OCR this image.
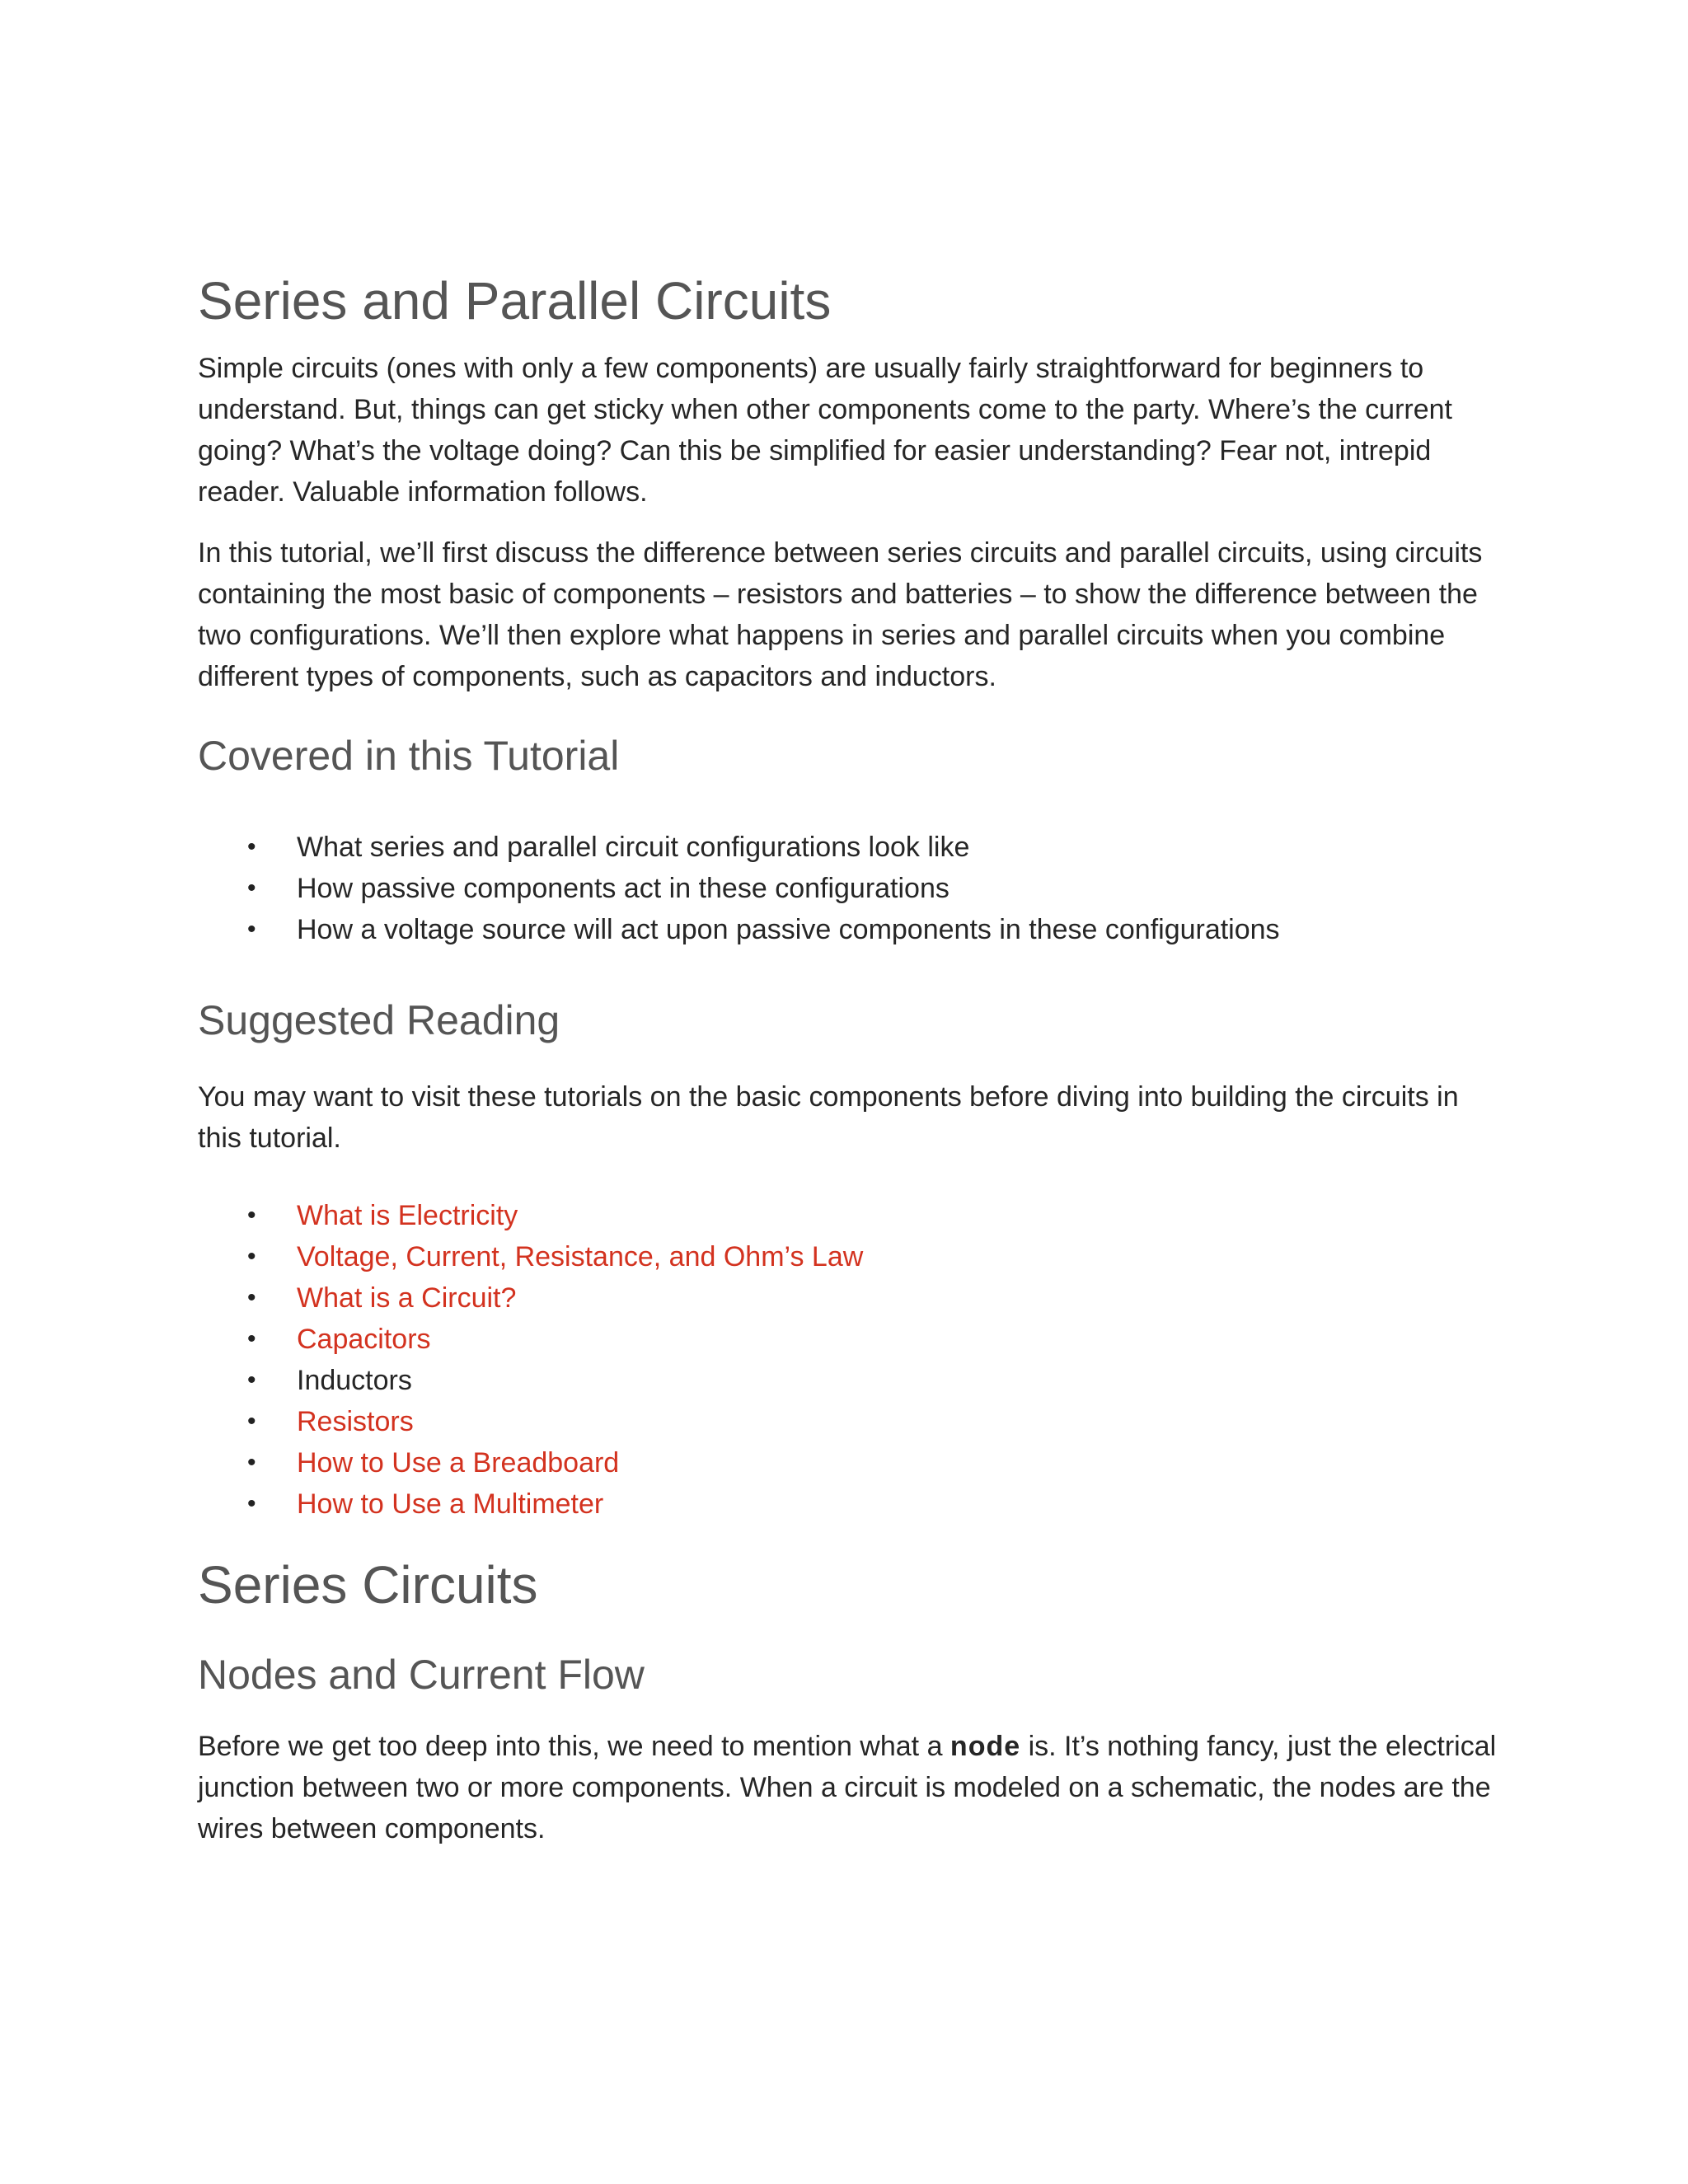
Series and Parallel Circuits

Simple circuits (ones with only a few components) are usually fairly straightforward for beginners to understand. But, things can get sticky when other components come to the party. Where’s the current going? What’s the voltage doing? Can this be simplified for easier understanding? Fear not, intrepid reader. Valuable information follows.

In this tutorial, we’ll first discuss the difference between series circuits and parallel circuits, using circuits containing the most basic of components – resistors and batteries – to show the difference between the two configurations. We’ll then explore what happens in series and parallel circuits when you combine different types of components, such as capacitors and inductors.

Covered in this Tutorial
• What series and parallel circuit configurations look like
• How passive components act in these configurations
• How a voltage source will act upon passive components in these configurations
Suggested Reading

You may want to visit these tutorials on the basic components before diving into building the circuits in this tutorial.

• What is Electricity
• Voltage, Current, Resistance, and Ohm’s Law
• What is a Circuit?
• Capacitors
• Inductors
• Resistors
• How to Use a Breadboard
• How to Use a Multimeter
Series Circuits
Nodes and Current Flow

Before we get too deep into this, we need to mention what a node is. It’s nothing fancy, just the electrical junction between two or more components. When a circuit is modeled on a schematic, the nodes are the wires between components.
